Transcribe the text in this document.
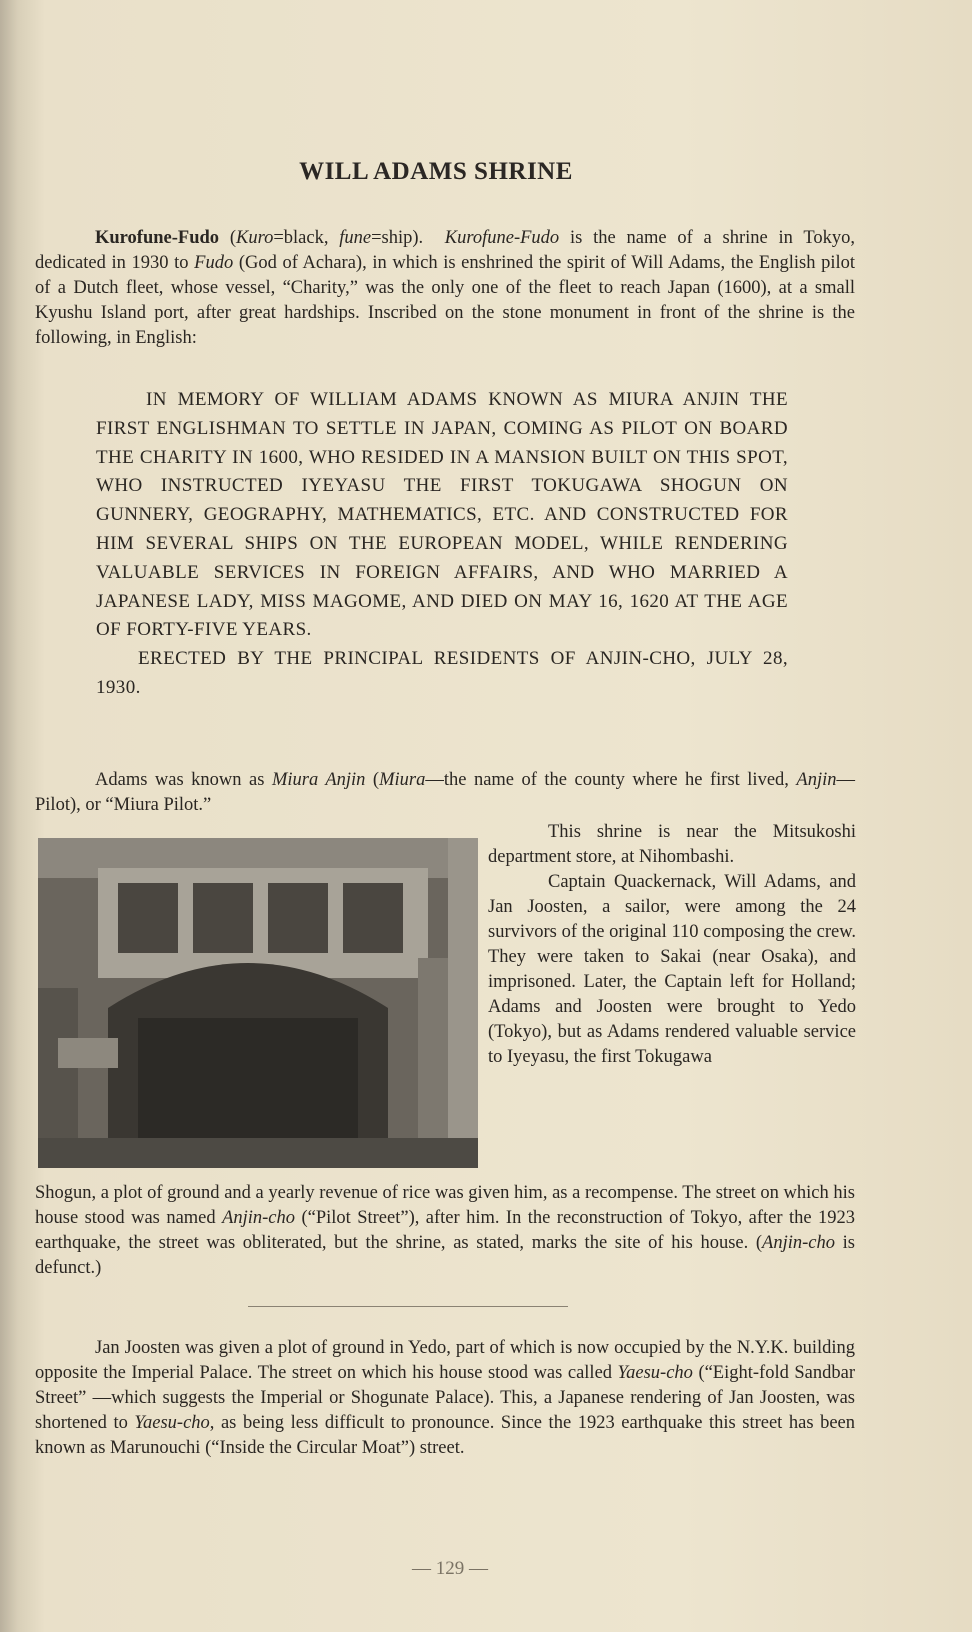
WILL ADAMS SHRINE

Kurofune-Fudo (Kuro=black, fune=ship). Kurofune-Fudo is the name of a shrine in Tokyo, dedicated in 1930 to Fudo (God of Achara), in which is enshrined the spirit of Will Adams, the English pilot of a Dutch fleet, whose vessel, “Charity,” was the only one of the fleet to reach Japan (1600), at a small Kyushu Island port, after great hardships. Inscribed on the stone monument in front of the shrine is the following, in English:

IN MEMORY OF WILLIAM ADAMS KNOWN AS MIURA ANJIN THE FIRST ENGLISHMAN TO SETTLE IN JAPAN, COMING AS PILOT ON BOARD THE CHARITY IN 1600, WHO RESIDED IN A MANSION BUILT ON THIS SPOT, WHO INSTRUCTED IYEYASU THE FIRST TOKUGAWA SHOGUN ON GUNNERY, GEOGRAPHY, MATHEMATICS, ETC. AND CONSTRUCTED FOR HIM SEVERAL SHIPS ON THE EUROPEAN MODEL, WHILE RENDERING VALUABLE SERVICES IN FOREIGN AFFAIRS, AND WHO MARRIED A JAPANESE LADY, MISS MAGOME, AND DIED ON MAY 16, 1620 AT THE AGE OF FORTY-FIVE YEARS.

ERECTED BY THE PRINCIPAL RESIDENTS OF ANJIN-CHO, JULY 28, 1930.

Adams was known as Miura Anjin (Miura—the name of the county where he first lived, Anjin—Pilot), or “Miura Pilot.”

This shrine is near the Mitsukoshi department store, at Nihombashi.

Captain Quackernack, Will Adams, and Jan Joosten, a sailor, were among the 24 survivors of the original 110 composing the crew. They were taken to Sakai (near Osaka), and imprisoned. Later, the Captain left for Holland; Adams and Joosten were brought to Yedo (Tokyo), but as Adams rendered valuable service to Iyeyasu, the first Tokugawa

Shogun, a plot of ground and a yearly revenue of rice was given him, as a recompense. The street on which his house stood was named Anjin-cho (“Pilot Street”), after him. In the reconstruction of Tokyo, after the 1923 earthquake, the street was obliterated, but the shrine, as stated, marks the site of his house. (Anjin-cho is defunct.)

Jan Joosten was given a plot of ground in Yedo, part of which is now occupied by the N.Y.K. building opposite the Imperial Palace. The street on which his house stood was called Yaesu-cho (“Eight-fold Sandbar Street” —which suggests the Imperial or Shogunate Palace). This, a Japanese rendering of Jan Joosten, was shortened to Yaesu-cho, as being less difficult to pronounce. Since the 1923 earthquake this street has been known as Marunouchi (“Inside the Circular Moat”) street.

— 129 —
